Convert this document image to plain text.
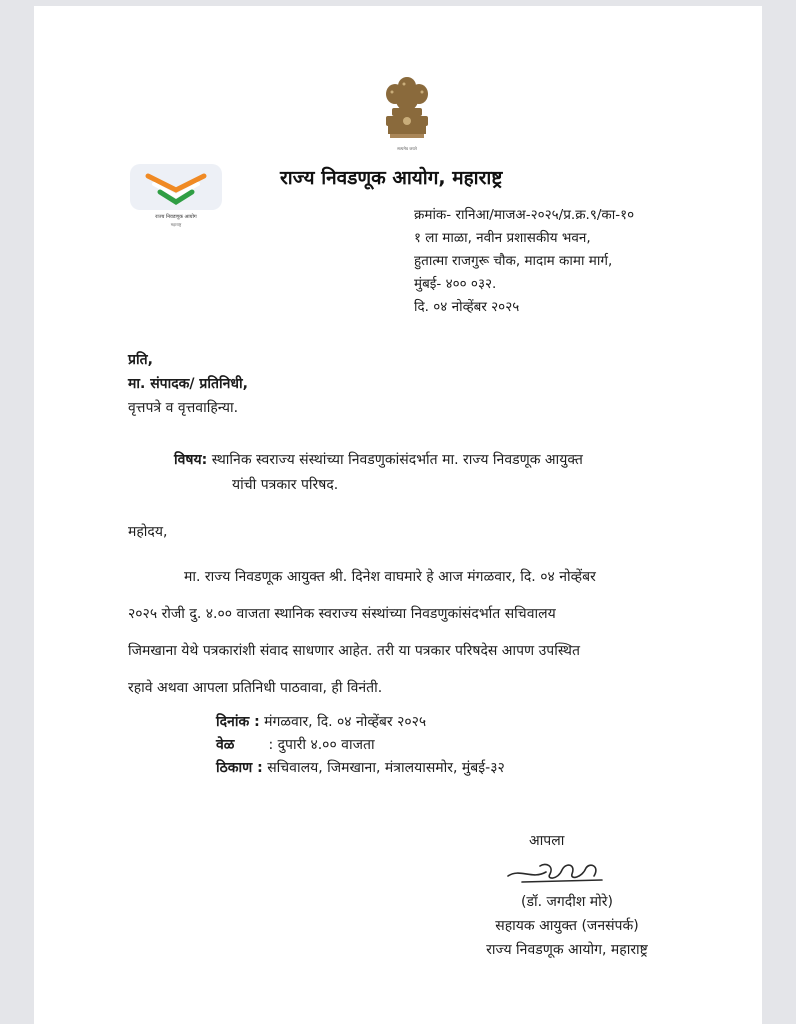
सत्यमेव जयते
राज्य निवडणूक आयोग
महाराष्ट्र
राज्य निवडणूक आयोग, महाराष्ट्र
क्रमांक- रानिआ/माजअ-२०२५/प्र.क्र.९/का-१०
१ ला माळा, नवीन प्रशासकीय भवन,
हुतात्मा राजगुरू चौक, मादाम कामा मार्ग,
मुंबई- ४०० ०३२.
दि. ०४ नोव्हेंबर २०२५
प्रति,
मा. संपादक/ प्रतिनिधी,
वृत्तपत्रे व वृत्तवाहिन्या.
विषय: स्थानिक स्वराज्य संस्थांच्या निवडणुकांसंदर्भात मा. राज्य निवडणूक आयुक्त
यांची पत्रकार परिषद.
महोदय,
मा. राज्य निवडणूक आयुक्त श्री. दिनेश वाघमारे हे आज मंगळवार, दि. ०४ नोव्हेंबर
२०२५ रोजी दु. ४.०० वाजता स्थानिक स्वराज्य संस्थांच्या निवडणुकांसंदर्भात सचिवालय
जिमखाना येथे पत्रकारांशी संवाद साधणार आहेत. तरी या पत्रकार परिषदेस आपण उपस्थित
रहावे अथवा आपला प्रतिनिधी पाठवावा, ही विनंती.
दिनांक : मंगळवार, दि. ०४ नोव्हेंबर २०२५
वेळ : दुपारी ४.०० वाजता
ठिकाण : सचिवालय, जिमखाना, मंत्रालयासमोर, मुंबई-३२
आपला
(डॉ. जगदीश मोरे)
सहायक आयुक्त (जनसंपर्क)
राज्य निवडणूक आयोग, महाराष्ट्र
